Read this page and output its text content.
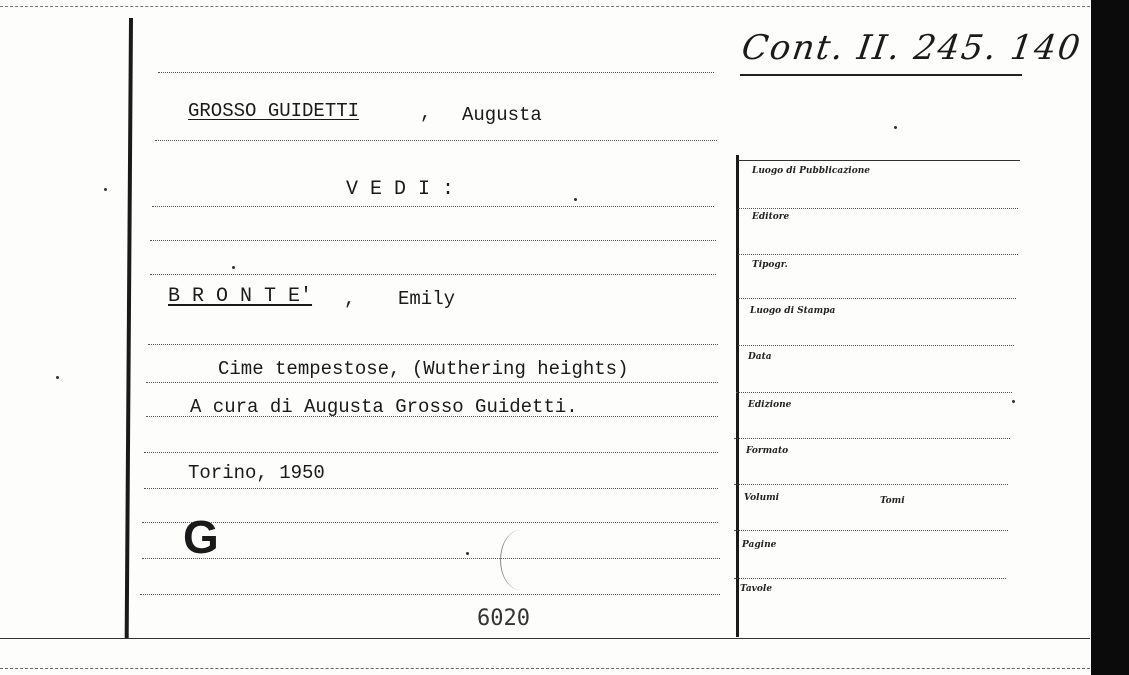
Cont. II. 245. 140
GROSSO GUIDETTI	, Augusta
V E D I :
B R O N T E' , Emily
Cime tempestose, (Wuthering heights)
A cura di Augusta Grosso Guidetti.
Torino, 1950
G
6020
Luogo di Pubblicazione
Editore
Tipogr.
Luogo di Stampa
Data
Edizione
Formato
Volumi	Tomi
Pagine
Tavole
